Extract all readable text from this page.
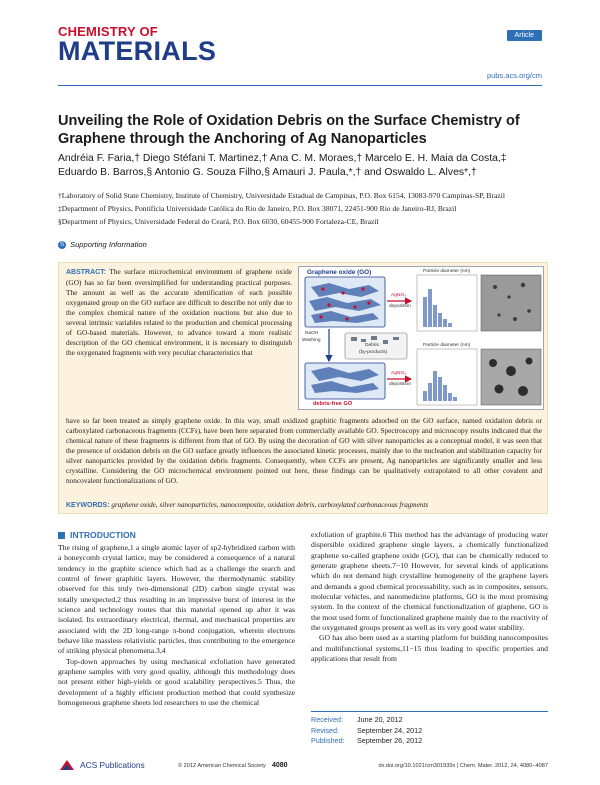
CHEMISTRY OF
MATERIALS
Article
pubs.acs.org/cm
Unveiling the Role of Oxidation Debris on the Surface Chemistry of Graphene through the Anchoring of Ag Nanoparticles
Andréia F. Faria,† Diego Stéfani T. Martinez,† Ana C. M. Moraes,† Marcelo E. H. Maia da Costa,‡ Eduardo B. Barros,§ Antonio G. Souza Filho,§ Amauri J. Paula,*,† and Oswaldo L. Alves*,†
†Laboratory of Solid State Chemistry, Institute of Chemistry, Universidade Estadual de Campinas, P.O. Box 6154, 13083-970 Campinas-SP, Brazil
‡Department of Physics, Pontifícia Universidade Católica do Rio de Janeiro, P.O. Box 38071, 22451-900 Rio de Janeiro-RJ, Brazil
§Department of Physics, Universidade Federal do Ceará, P.O. Box 6030, 60455-900 Fortaleza-CE, Brazil
S Supporting Information
ABSTRACT: The surface microchemical environment of graphene oxide (GO) has so far been oversimplified for understanding practical purposes. The amount as well as the accurate identification of each possible oxygenated group on the GO surface are difficult to describe not only due to the complex chemical nature of the oxidation reactions but also due to several intrinsic variables related to the production and chemical processing of GO-based materials. However, to advance toward a more realistic description of the GO chemical environment, it is necessary to distinguish the oxygenated fragments with very peculiar characteristics that
have so far been treated as simply graphene oxide. In this way, small oxidized graphitic fragments adsorbed on the GO surface, named oxidation debris or carboxylated carbonaceous fragments (CCFs), have been here separated from commercially available GO. Spectroscopy and microscopy results indicated that the chemical nature of these fragments is different from that of GO. By using the decoration of GO with silver nanoparticles as a conceptual model, it was seen that the presence of oxidation debris on the GO surface greatly influences the associated kinetic processes, mainly due to the nucleation and stabilization capacity for silver nanoparticles provided by the oxidation debris fragments. Consequently, when CCFs are present, Ag nanoparticles are significantly smaller and less crystalline. Considering the GO microchemical environment pointed out here, these findings can be qualitatively extrapolated to all other covalent and noncovalent functionalizations of GO.
KEYWORDS: graphene oxide, silver nanoparticles, nanocomposite, oxidation debris, carboxylated carbonaceous fragments
Graphene oxide (GO)
NaOH
Washing
Debris
(by-products)
AgNO₃
deposition
AgNO₃
deposition
Particle diameter (nm)
Particle diameter (nm)
debris-free GO
INTRODUCTION

The rising of graphene,1 a single atomic layer of sp2-hybridized carbon with a honeycomb crystal lattice, may be considered a consequence of a natural tendency in the graphite science which had as a challenge the search and control of fewer graphitic layers. However, the thermodynamic stability observed for this truly two-dimensional (2D) carbon single crystal was totally unexpected,2 thus resulting in an impressive burst of interest in the science and technology routes that this material opened up after it was isolated. Its extraordinary electrical, thermal, and mechanical properties are associated with the 2D long-range π-bond conjugation, wherein electrons behave like massless relativistic particles, thus contributing to the emergence of striking physical phenomena.3,4

Top-down approaches by using mechanical exfoliation have generated graphene samples with very good quality, although this methodology does not present either high-yields or good scalability perspectives.5 Thus, the development of a highly efficient production method that could synthesize homogeneous graphene sheets led researchers to use the chemical

exfoliation of graphite.6 This method has the advantage of producing water dispersible oxidized graphene single layers, a chemically functionalized graphene so-called graphene oxide (GO), that can be chemically reduced to generate graphene sheets.7−10 However, for several kinds of applications which do not demand high crystalline homogeneity of the graphene layers and demands a good chemical processability, such as in composites, sensors, molecular vehicles, and nanomedicine platforms, GO is the most promising system. In the context of the chemical functionalization of graphene, GO is the most used form of functionalized graphene mainly due to the reactivity of the oxygenated groups present as well as its very good water stability.

GO has also been used as a starting platform for building nanocomposites and multifunctional systems,11−15 thus leading to specific properties and applications that result from

Received:	June 20, 2012
Revised:	September 24, 2012
Published:	September 26, 2012
ACS Publications	© 2012 American Chemical Society 4080	dx.doi.org/10.1021/cm301939x | Chem. Mater. 2012, 24, 4080−4087
